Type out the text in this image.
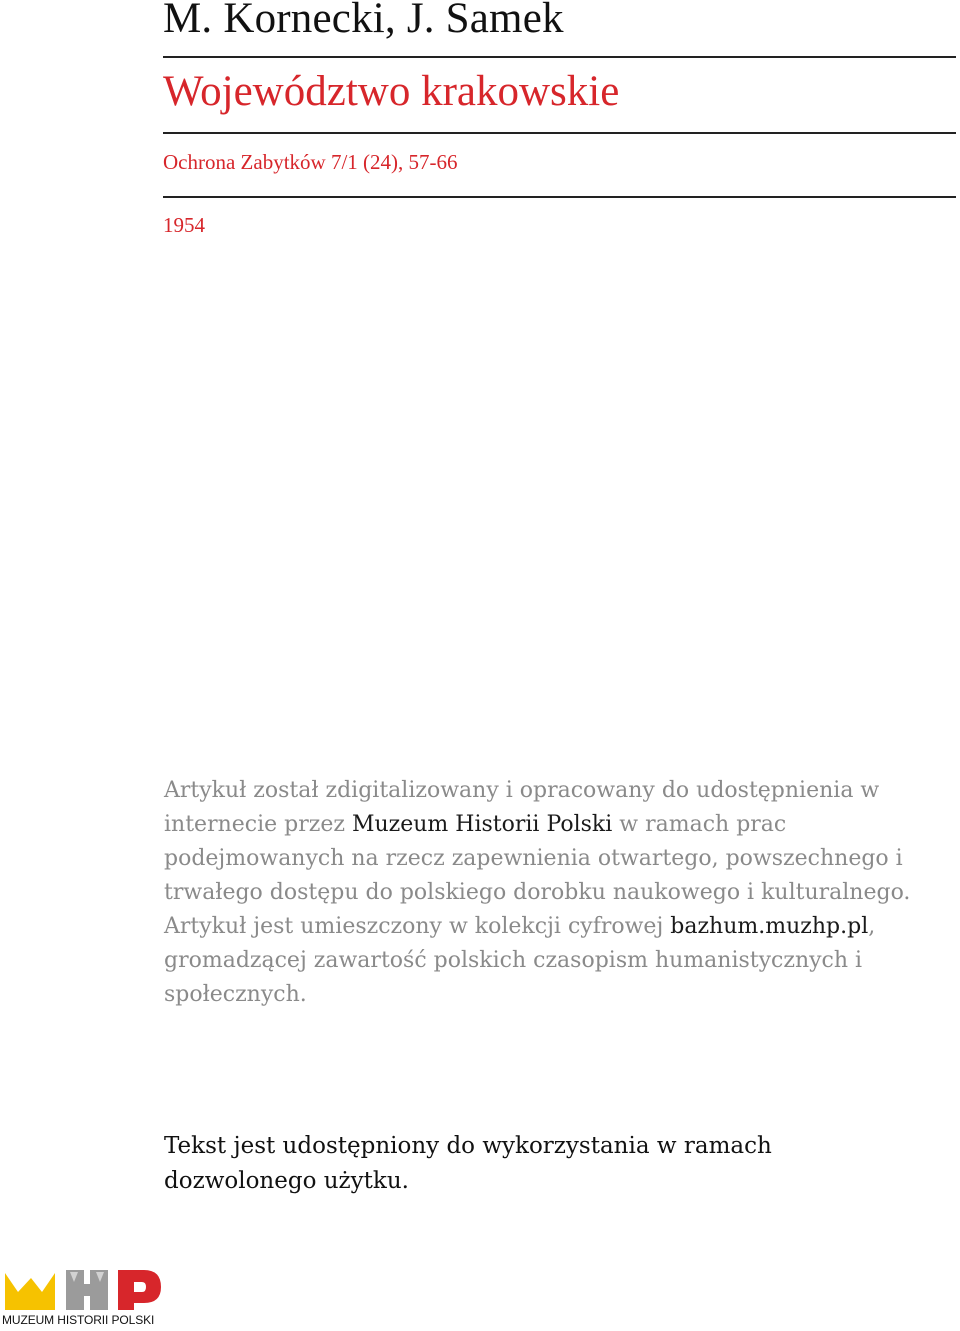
M. Kornecki, J. Samek
Województwo krakowskie
Ochrona Zabytków 7/1 (24), 57-66
1954
Artykuł został zdigitalizowany i opracowany do udostępnienia w internecie przez Muzeum Historii Polski w ramach prac podejmowanych na rzecz zapewnienia otwartego, powszechnego i trwałego dostępu do polskiego dorobku naukowego i kulturalnego. Artykuł jest umieszczony w kolekcji cyfrowej bazhum.muzhp.pl, gromadzącej zawartość polskich czasopism humanistycznych i społecznych.
Tekst jest udostępniony do wykorzystania w ramach dozwolonego użytku.
MUZEUM HISTORII POLSKI
